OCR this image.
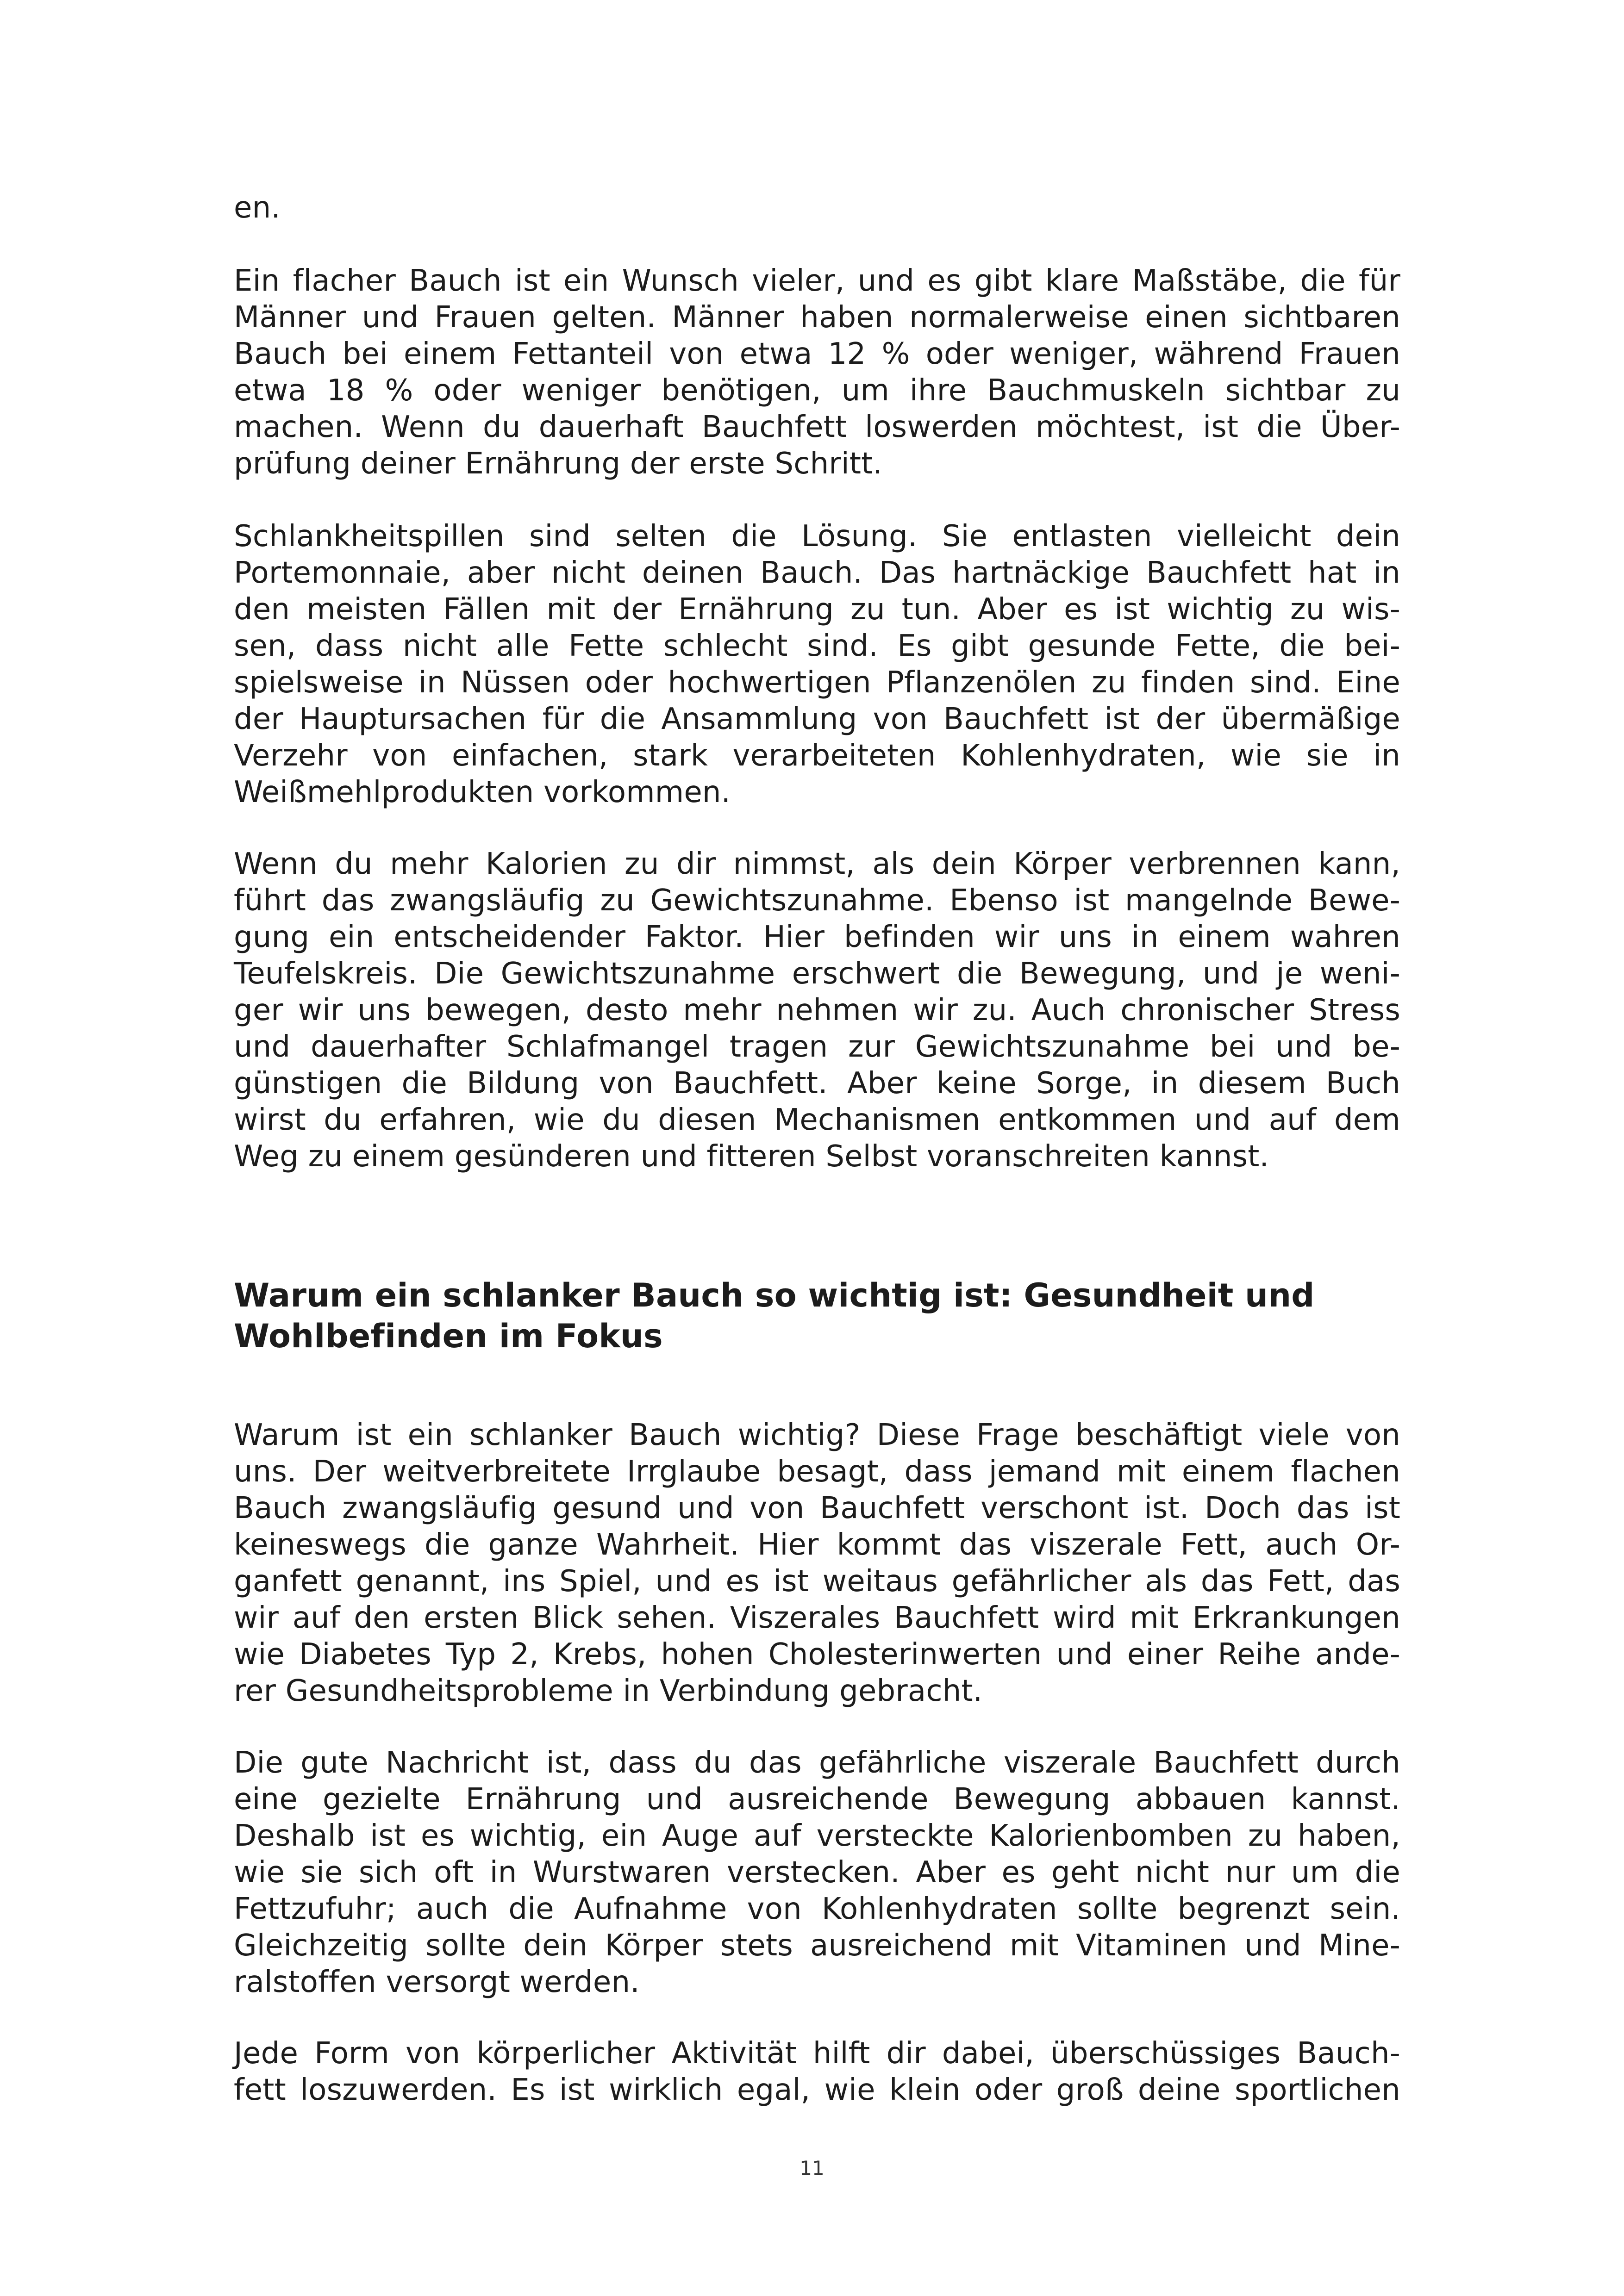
en.
Ein flacher Bauch ist ein Wunsch vieler, und es gibt klare Maßstäbe, die für
Männer und Frauen gelten. Männer haben normalerweise einen sichtbaren
Bauch bei einem Fettanteil von etwa 12 % oder weniger, während Frauen
etwa 18 % oder weniger benötigen, um ihre Bauchmuskeln sichtbar zu
machen. Wenn du dauerhaft Bauchfett loswerden möchtest, ist die Über-
prüfung deiner Ernährung der erste Schritt.
Schlankheitspillen sind selten die Lösung. Sie entlasten vielleicht dein
Portemonnaie, aber nicht deinen Bauch. Das hartnäckige Bauchfett hat in
den meisten Fällen mit der Ernährung zu tun. Aber es ist wichtig zu wis-
sen, dass nicht alle Fette schlecht sind. Es gibt gesunde Fette, die bei-
spielsweise in Nüssen oder hochwertigen Pflanzenölen zu finden sind. Eine
der Hauptursachen für die Ansammlung von Bauchfett ist der übermäßige
Verzehr von einfachen, stark verarbeiteten Kohlenhydraten, wie sie in
Weißmehlprodukten vorkommen.
Wenn du mehr Kalorien zu dir nimmst, als dein Körper verbrennen kann,
führt das zwangsläufig zu Gewichtszunahme. Ebenso ist mangelnde Bewe-
gung ein entscheidender Faktor. Hier befinden wir uns in einem wahren
Teufelskreis. Die Gewichtszunahme erschwert die Bewegung, und je weni-
ger wir uns bewegen, desto mehr nehmen wir zu. Auch chronischer Stress
und dauerhafter Schlafmangel tragen zur Gewichtszunahme bei und be-
günstigen die Bildung von Bauchfett. Aber keine Sorge, in diesem Buch
wirst du erfahren, wie du diesen Mechanismen entkommen und auf dem
Weg zu einem gesünderen und fitteren Selbst voranschreiten kannst.
Warum ein schlanker Bauch so wichtig ist: Gesundheit und
Wohlbefinden im Fokus
Warum ist ein schlanker Bauch wichtig? Diese Frage beschäftigt viele von
uns. Der weitverbreitete Irrglaube besagt, dass jemand mit einem flachen
Bauch zwangsläufig gesund und von Bauchfett verschont ist. Doch das ist
keineswegs die ganze Wahrheit. Hier kommt das viszerale Fett, auch Or-
ganfett genannt, ins Spiel, und es ist weitaus gefährlicher als das Fett, das
wir auf den ersten Blick sehen. Viszerales Bauchfett wird mit Erkrankungen
wie Diabetes Typ 2, Krebs, hohen Cholesterinwerten und einer Reihe ande-
rer Gesundheitsprobleme in Verbindung gebracht.
Die gute Nachricht ist, dass du das gefährliche viszerale Bauchfett durch
eine gezielte Ernährung und ausreichende Bewegung abbauen kannst.
Deshalb ist es wichtig, ein Auge auf versteckte Kalorienbomben zu haben,
wie sie sich oft in Wurstwaren verstecken. Aber es geht nicht nur um die
Fettzufuhr; auch die Aufnahme von Kohlenhydraten sollte begrenzt sein.
Gleichzeitig sollte dein Körper stets ausreichend mit Vitaminen und Mine-
ralstoffen versorgt werden.
Jede Form von körperlicher Aktivität hilft dir dabei, überschüssiges Bauch-
fett loszuwerden. Es ist wirklich egal, wie klein oder groß deine sportlichen
11
